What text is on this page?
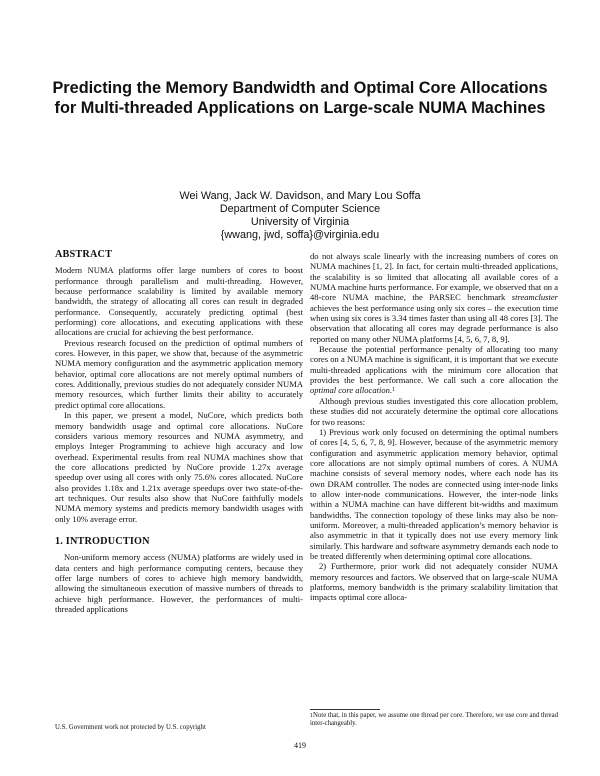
Predicting the Memory Bandwidth and Optimal Core Allocations for Multi-threaded Applications on Large-scale NUMA Machines
Wei Wang, Jack W. Davidson, and Mary Lou Soffa
Department of Computer Science
University of Virginia
{wwang, jwd, soffa}@virginia.edu
ABSTRACT

Modern NUMA platforms offer large numbers of cores to boost performance through parallelism and multi-threading. However, because performance scalability is limited by available memory bandwidth, the strategy of allocating all cores can result in degraded performance. Consequently, accurately predicting optimal (best performing) core allocations, and executing applications with these allocations are crucial for achieving the best performance.

Previous research focused on the prediction of optimal numbers of cores. However, in this paper, we show that, because of the asymmetric NUMA memory configuration and the asymmetric application memory behavior, optimal core allocations are not merely optimal numbers of cores. Additionally, previous studies do not adequately consider NUMA memory resources, which further limits their ability to accurately predict optimal core allocations.

In this paper, we present a model, NuCore, which predicts both memory bandwidth usage and optimal core allocations. NuCore considers various memory resources and NUMA asymmetry, and employs Integer Programming to achieve high accuracy and low overhead. Experimental results from real NUMA machines show that the core allocations predicted by NuCore provide 1.27x average speedup over using all cores with only 75.6% cores allocated. NuCore also provides 1.18x and 1.21x average speedups over two state-of-the-art techniques. Our results also show that NuCore faithfully models NUMA memory systems and predicts memory bandwidth usages with only 10% average error.

1. INTRODUCTION

Non-uniform memory access (NUMA) platforms are widely used in data centers and high performance computing centers, because they offer large numbers of cores to achieve high memory bandwidth, allowing the simultaneous execution of massive numbers of threads to achieve high performance. However, the performances of multi-threaded applications

do not always scale linearly with the increasing numbers of cores on NUMA machines [1, 2]. In fact, for certain multi-threaded applications, the scalability is so limited that allocating all available cores of a NUMA machine hurts performance. For example, we observed that on a 48-core NUMA machine, the PARSEC benchmark streamcluster achieves the best performance using only six cores – the execution time when using six cores is 3.34 times faster than using all 48 cores [3]. The observation that allocating all cores may degrade performance is also reported on many other NUMA platforms [4, 5, 6, 7, 8, 9].

Because the potential performance penalty of allocating too many cores on a NUMA machine is significant, it is important that we execute multi-threaded applications with the minimum core allocation that provides the best performance. We call such a core allocation the optimal core allocation.$^1$

Although previous studies investigated this core allocation problem, these studies did not accurately determine the optimal core allocations for two reasons:

1) Previous work only focused on determining the optimal numbers of cores [4, 5, 6, 7, 8, 9]. However, because of the asymmetric memory configuration and asymmetric application memory behavior, optimal core allocations are not simply optimal numbers of cores. A NUMA machine consists of several memory nodes, where each node has its own DRAM controller. The nodes are connected using inter-node links to allow inter-node communications. However, the inter-node links within a NUMA machine can have different bit-widths and maximum bandwidths. The connection topology of these links may also be non-uniform. Moreover, a multi-threaded application’s memory behavior is also asymmetric in that it typically does not use every memory link similarly. This hardware and software asymmetry demands each node to be treated differently when determining optimal core allocations.

2) Furthermore, prior work did not adequately consider NUMA memory resources and factors. We observed that on large-scale NUMA platforms, memory bandwidth is the primary scalability limitation that impacts optimal core alloca-

U.S. Government work not protected by U.S. copyright
1Note that, in this paper, we assume one thread per core. Therefore, we use core and thread inter-changeably.
419
